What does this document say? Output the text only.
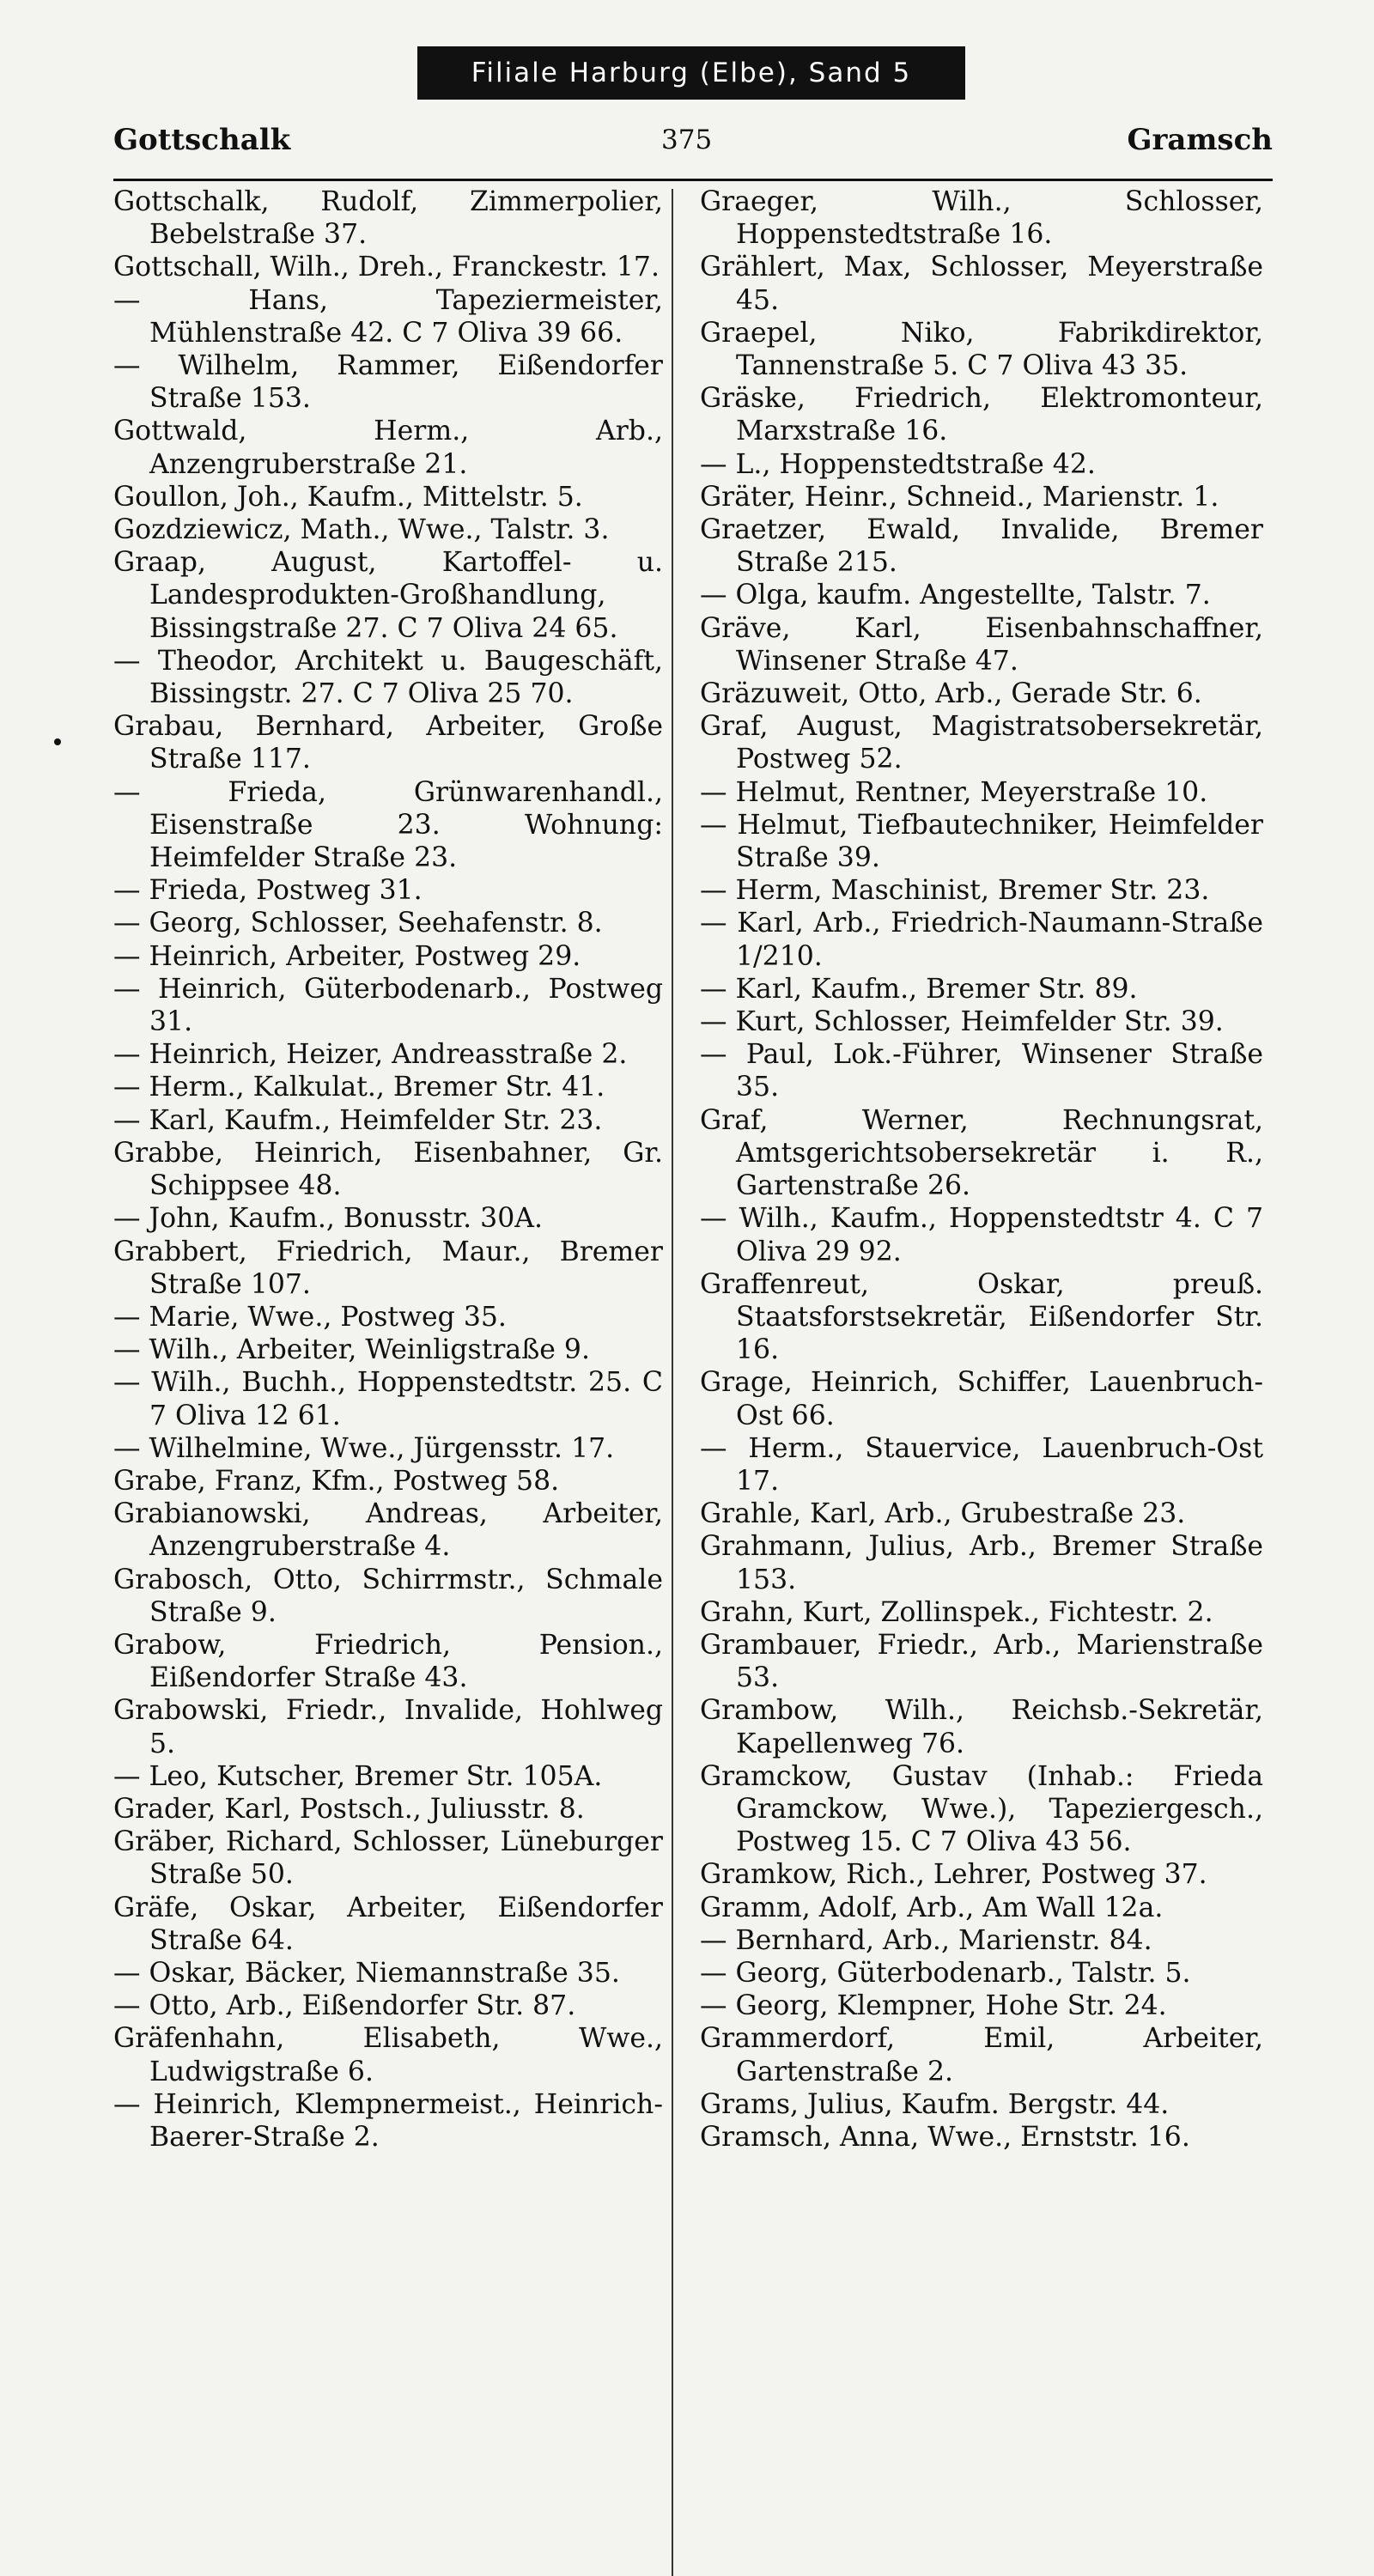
Filiale Harburg (Elbe), Sand 5
Gottschalk	375	Gramsch
Gottschalk, Rudolf, Zimmerpolier, Bebelstraße 37.
Gottschall, Wilh., Dreh., Franckestr. 17.
— Hans, Tapeziermeister, Mühlenstraße 42. C 7 Oliva 39 66.
— Wilhelm, Rammer, Eißendorfer Straße 153.
Gottwald, Herm., Arb., Anzengruberstraße 21.
Goullon, Joh., Kaufm., Mittelstr. 5.
Gozdziewicz, Math., Wwe., Talstr. 3.
Graap, August, Kartoffel- u. Landesprodukten-Großhandlung, Bissingstraße 27. C 7 Oliva 24 65.
— Theodor, Architekt u. Baugeschäft, Bissingstr. 27. C 7 Oliva 25 70.
Grabau, Bernhard, Arbeiter, Große Straße 117.
— Frieda, Grünwarenhandl., Eisenstraße 23. Wohnung: Heimfelder Straße 23.
— Frieda, Postweg 31.
— Georg, Schlosser, Seehafenstr. 8.
— Heinrich, Arbeiter, Postweg 29.
— Heinrich, Güterbodenarb., Postweg 31.
— Heinrich, Heizer, Andreasstraße 2.
— Herm., Kalkulat., Bremer Str. 41.
— Karl, Kaufm., Heimfelder Str. 23.
Grabbe, Heinrich, Eisenbahner, Gr. Schippsee 48.
— John, Kaufm., Bonusstr. 30A.
Grabbert, Friedrich, Maur., Bremer Straße 107.
— Marie, Wwe., Postweg 35.
— Wilh., Arbeiter, Weinligstraße 9.
— Wilh., Buchh., Hoppenstedtstr. 25. C 7 Oliva 12 61.
— Wilhelmine, Wwe., Jürgensstr. 17.
Grabe, Franz, Kfm., Postweg 58.
Grabianowski, Andreas, Arbeiter, Anzengruberstraße 4.
Grabosch, Otto, Schirrmstr., Schmale Straße 9.
Grabow, Friedrich, Pension., Eißendorfer Straße 43.
Grabowski, Friedr., Invalide, Hohlweg 5.
— Leo, Kutscher, Bremer Str. 105A.
Grader, Karl, Postsch., Juliusstr. 8.
Gräber, Richard, Schlosser, Lüneburger Straße 50.
Gräfe, Oskar, Arbeiter, Eißendorfer Straße 64.
— Oskar, Bäcker, Niemannstraße 35.
— Otto, Arb., Eißendorfer Str. 87.
Gräfenhahn, Elisabeth, Wwe., Ludwigstraße 6.
— Heinrich, Klempnermeist., Heinrich-Baerer-Straße 2.
Graeger, Wilh., Schlosser, Hoppenstedtstraße 16.
Grählert, Max, Schlosser, Meyerstraße 45.
Graepel, Niko, Fabrikdirektor, Tannenstraße 5. C 7 Oliva 43 35.
Gräske, Friedrich, Elektromonteur, Marxstraße 16.
— L., Hoppenstedtstraße 42.
Gräter, Heinr., Schneid., Marienstr. 1.
Graetzer, Ewald, Invalide, Bremer Straße 215.
— Olga, kaufm. Angestellte, Talstr. 7.
Gräve, Karl, Eisenbahnschaffner, Winsener Straße 47.
Gräzuweit, Otto, Arb., Gerade Str. 6.
Graf, August, Magistratsobersekretär, Postweg 52.
— Helmut, Rentner, Meyerstraße 10.
— Helmut, Tiefbautechniker, Heimfelder Straße 39.
— Herm, Maschinist, Bremer Str. 23.
— Karl, Arb., Friedrich-Naumann-Straße 1/210.
— Karl, Kaufm., Bremer Str. 89.
— Kurt, Schlosser, Heimfelder Str. 39.
— Paul, Lok.-Führer, Winsener Straße 35.
Graf, Werner, Rechnungsrat, Amtsgerichtsobersekretär i. R., Gartenstraße 26.
— Wilh., Kaufm., Hoppenstedtstr 4. C 7 Oliva 29 92.
Graffenreut, Oskar, preuß. Staatsforstsekretär, Eißendorfer Str. 16.
Grage, Heinrich, Schiffer, Lauenbruch-Ost 66.
— Herm., Stauervice, Lauenbruch-Ost 17.
Grahle, Karl, Arb., Grubestraße 23.
Grahmann, Julius, Arb., Bremer Straße 153.
Grahn, Kurt, Zollinspek., Fichtestr. 2.
Grambauer, Friedr., Arb., Marienstraße 53.
Grambow, Wilh., Reichsb.-Sekretär, Kapellenweg 76.
Gramckow, Gustav (Inhab.: Frieda Gramckow, Wwe.), Tapeziergesch., Postweg 15. C 7 Oliva 43 56.
Gramkow, Rich., Lehrer, Postweg 37.
Gramm, Adolf, Arb., Am Wall 12a.
— Bernhard, Arb., Marienstr. 84.
— Georg, Güterbodenarb., Talstr. 5.
— Georg, Klempner, Hohe Str. 24.
Grammerdorf, Emil, Arbeiter, Gartenstraße 2.
Grams, Julius, Kaufm. Bergstr. 44.
Gramsch, Anna, Wwe., Ernststr. 16.
